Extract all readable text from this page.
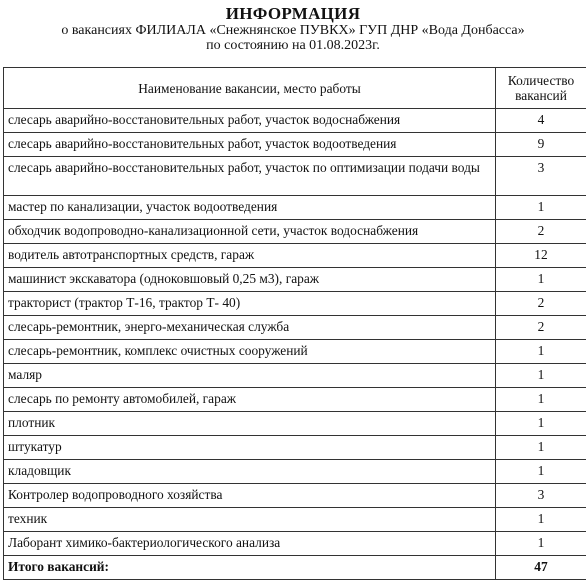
ИНФОРМАЦИЯ
о вакансиях ФИЛИАЛА «Снежнянское ПУВКХ» ГУП ДНР «Вода Донбасса»
по состоянию на 01.08.2023г.
Наименование вакансии, место работы	Количество вакансий
слесарь аварийно-восстановительных работ, участок водоснабжения	4
слесарь аварийно-восстановительных работ, участок водоотведения	9
слесарь аварийно-восстановительных работ, участок по оптимизации подачи воды	3
мастер по канализации, участок водоотведения	1
обходчик водопроводно-канализационной сети, участок водоснабжения	2
водитель автотранспортных средств, гараж	12
машинист экскаватора (одноковшовый 0,25 м3), гараж	1
тракторист (трактор Т-16, трактор Т- 40)	2
слесарь-ремонтник, энерго-механическая служба	2
слесарь-ремонтник, комплекс очистных сооружений	1
маляр	1
слесарь по ремонту автомобилей, гараж	1
плотник	1
штукатур	1
кладовщик	1
Контролер водопроводного хозяйства	3
техник	1
Лаборант химико-бактериологического анализа	1
Итого вакансий:	47
